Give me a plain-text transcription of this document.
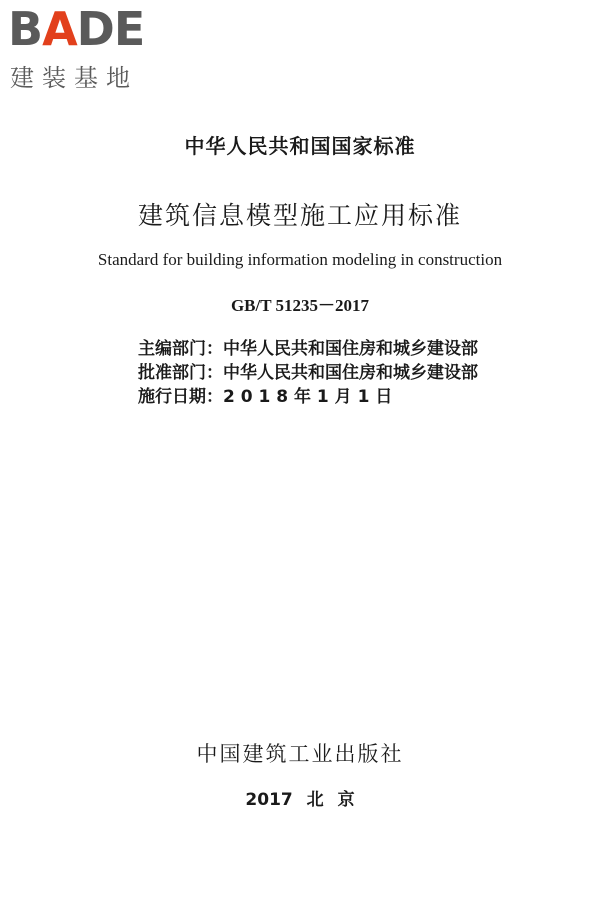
BADE
建装基地
中华人民共和国国家标准
建筑信息模型施工应用标准
Standard for building information modeling in construction
GB/T 51235－2017
主编部门：中华人民共和国住房和城乡建设部
批准部门：中华人民共和国住房和城乡建设部
施行日期：2 0 1 8 年 1 月 1 日
中国建筑工业出版社
2017 北 京
